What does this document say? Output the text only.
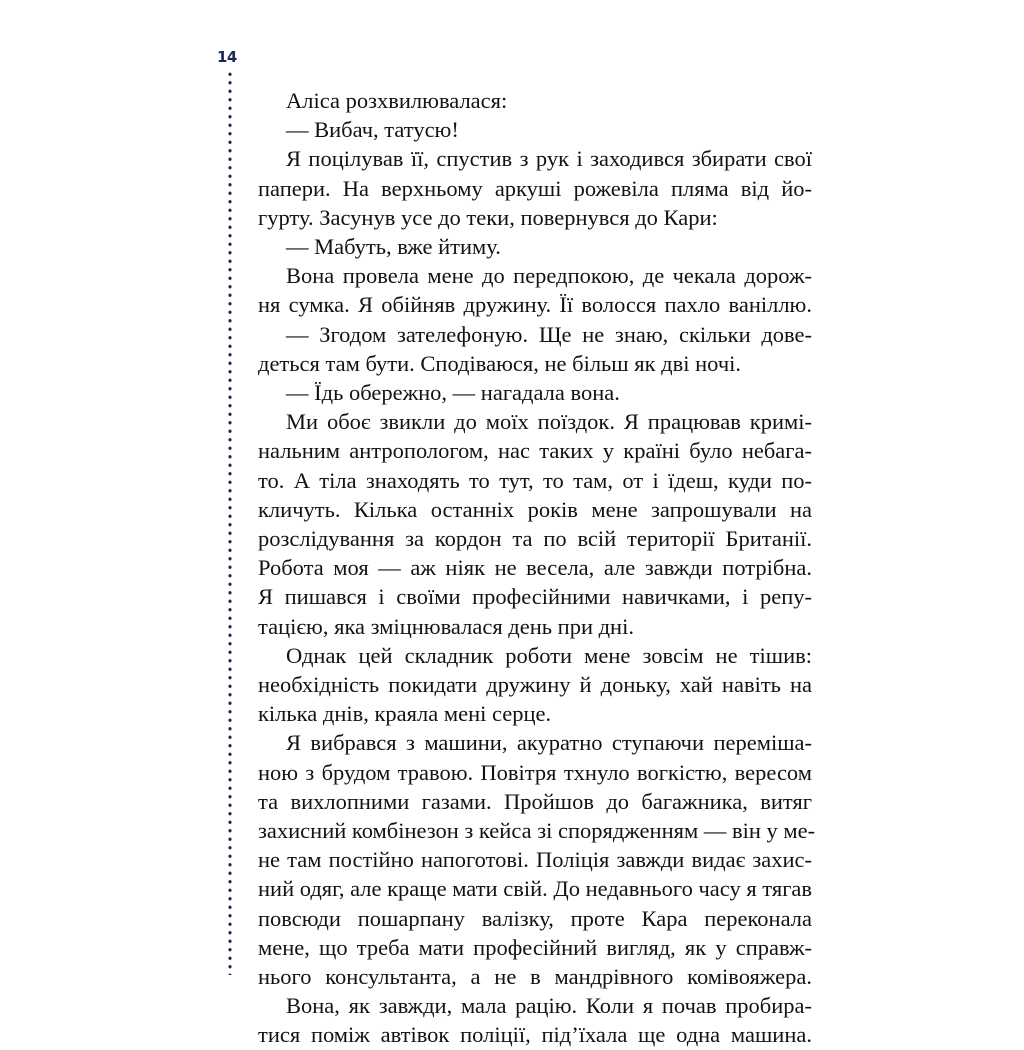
14
Аліса розхвилювалася:
— Вибач, татусю!
Я поцілував її, спустив з рук і заходився збирати свої
папери. На верхньому аркуші рожевіла пляма від йо-
гурту. Засунув усе до теки, повернувся до Кари:
— Мабуть, вже йтиму.
Вона провела мене до передпокою, де чекала дорож-
ня сумка. Я обійняв дружину. Її волосся пахло ваніллю.
— Згодом зателефоную. Ще не знаю, скільки дове-
деться там бути. Сподіваюся, не більш як дві ночі.
— Їдь обережно, — нагадала вона.
Ми обоє звикли до моїх поїздок. Я працював кримі-
нальним антропологом, нас таких у країні було небага-
то. А тіла знаходять то тут, то там, от і їдеш, куди по-
кличуть. Кілька останніх років мене запрошували на
розслідування за кордон та по всій території Британії.
Робота моя — аж ніяк не весела, але завжди потрібна.
Я пишався і своїми професійними навичками, і репу-
тацією, яка зміцнювалася день при дні.
Однак цей складник роботи мене зовсім не тішив:
необхідність покидати дружину й доньку, хай навіть на
кілька днів, краяла мені серце.
Я вибрався з машини, акуратно ступаючи перемішa-
ною з брудом травою. Повітря тхнуло вогкістю, вересом
та вихлопними газами. Пройшов до багажника, витяг
захисний комбінезон з кейса зі спорядженням — він у ме-
не там постійно напоготові. Поліція завжди видає захис-
ний одяг, але краще мати свій. До недавнього часу я тягав
повсюди пошарпану валізку, проте Кара переконала
мене, що треба мати професійний вигляд, як у справж-
нього консультанта, а не в мандрівного комівояжера.
Вона, як завжди, мала рацію. Коли я почав пробира-
тися поміж автівок поліції, під’їхала ще одна машина.
